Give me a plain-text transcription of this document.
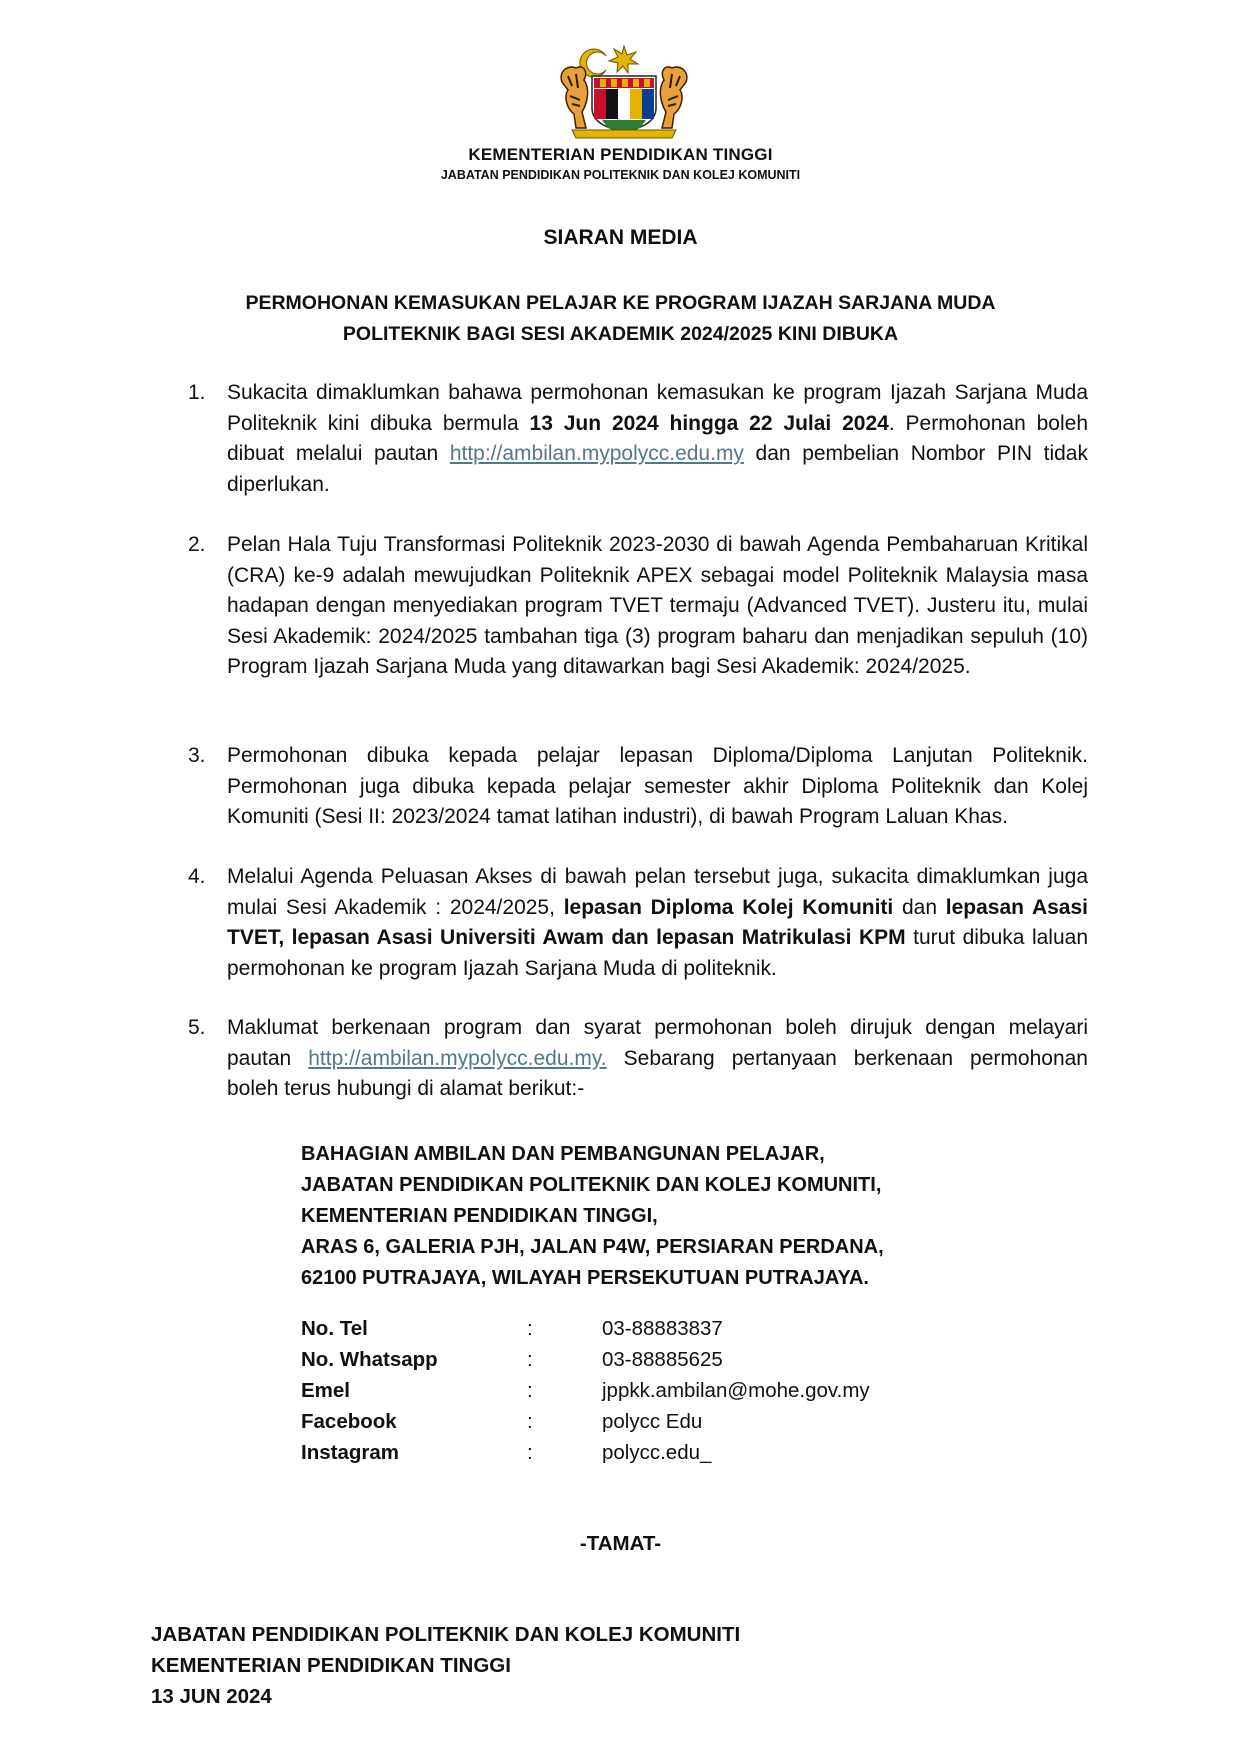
KEMENTERIAN PENDIDIKAN TINGGI
JABATAN PENDIDIKAN POLITEKNIK DAN KOLEJ KOMUNITI
SIARAN MEDIA
PERMOHONAN KEMASUKAN PELAJAR KE PROGRAM IJAZAH SARJANA MUDA
POLITEKNIK BAGI SESI AKADEMIK 2024/2025 KINI DIBUKA
1.	Sukacita dimaklumkan bahawa permohonan kemasukan ke program Ijazah Sarjana Muda Politeknik kini dibuka bermula 13 Jun 2024 hingga 22 Julai 2024. Permohonan boleh dibuat melalui pautan http://ambilan.mypolycc.edu.my dan pembelian Nombor PIN tidak diperlukan.
2.	Pelan Hala Tuju Transformasi Politeknik 2023-2030 di bawah Agenda Pembaharuan Kritikal (CRA) ke-9 adalah mewujudkan Politeknik APEX sebagai model Politeknik Malaysia masa hadapan dengan menyediakan program TVET termaju (Advanced TVET). Justeru itu, mulai Sesi Akademik: 2024/2025 tambahan tiga (3) program baharu dan menjadikan sepuluh (10) Program Ijazah Sarjana Muda yang ditawarkan bagi Sesi Akademik: 2024/2025.
3.	Permohonan dibuka kepada pelajar lepasan Diploma/Diploma Lanjutan Politeknik. Permohonan juga dibuka kepada pelajar semester akhir Diploma Politeknik dan Kolej Komuniti (Sesi II: 2023/2024 tamat latihan industri), di bawah Program Laluan Khas.
4.	Melalui Agenda Peluasan Akses di bawah pelan tersebut juga, sukacita dimaklumkan juga mulai Sesi Akademik : 2024/2025, lepasan Diploma Kolej Komuniti dan lepasan Asasi TVET, lepasan Asasi Universiti Awam dan lepasan Matrikulasi KPM turut dibuka laluan permohonan ke program Ijazah Sarjana Muda di politeknik.
5.	Maklumat berkenaan program dan syarat permohonan boleh dirujuk dengan melayari pautan http://ambilan.mypolycc.edu.my. Sebarang pertanyaan berkenaan permohonan boleh terus hubungi di alamat berikut:-
BAHAGIAN AMBILAN DAN PEMBANGUNAN PELAJAR,
JABATAN PENDIDIKAN POLITEKNIK DAN KOLEJ KOMUNITI,
KEMENTERIAN PENDIDIKAN TINGGI,
ARAS 6, GALERIA PJH, JALAN P4W, PERSIARAN PERDANA,
62100 PUTRAJAYA, WILAYAH PERSEKUTUAN PUTRAJAYA.
No. Tel	:	03-88883837
No. Whatsapp	:	03-88885625
Emel	:	jppkk.ambilan@mohe.gov.my
Facebook	:	polycc Edu
Instagram	:	polycc.edu_
-TAMAT-
JABATAN PENDIDIKAN POLITEKNIK DAN KOLEJ KOMUNITI
KEMENTERIAN PENDIDIKAN TINGGI
13 JUN 2024
